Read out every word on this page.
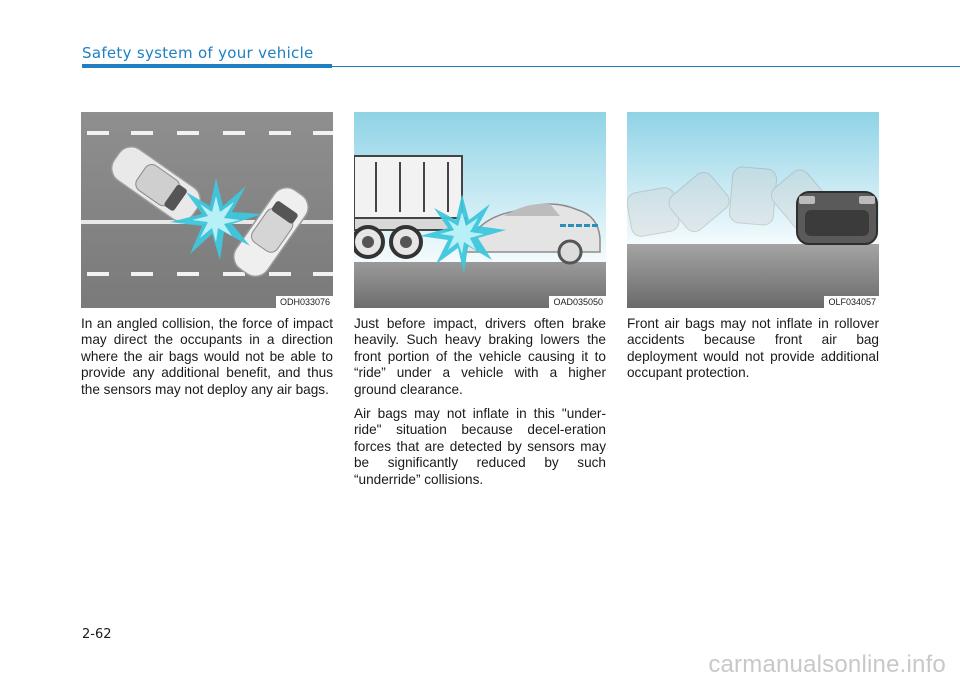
Safety system of your vehicle
ODH033076

In an angled collision, the force of impact may direct the occupants in a direction where the air bags would not be able to provide any additional benefit, and thus the sensors may not deploy any air bags.

OAD035050

Just before impact, drivers often brake heavily. Such heavy braking lowers the front portion of the vehicle causing it to “ride” under a vehicle with a higher ground clearance.

Air bags may not inflate in this "under-ride" situation because decel-eration forces that are detected by sensors may be significantly reduced by such “underride” collisions.

OLF034057

Front air bags may not inflate in rollover accidents because front air bag deployment would not provide additional occupant protection.

2-62
carmanualsonline.info
